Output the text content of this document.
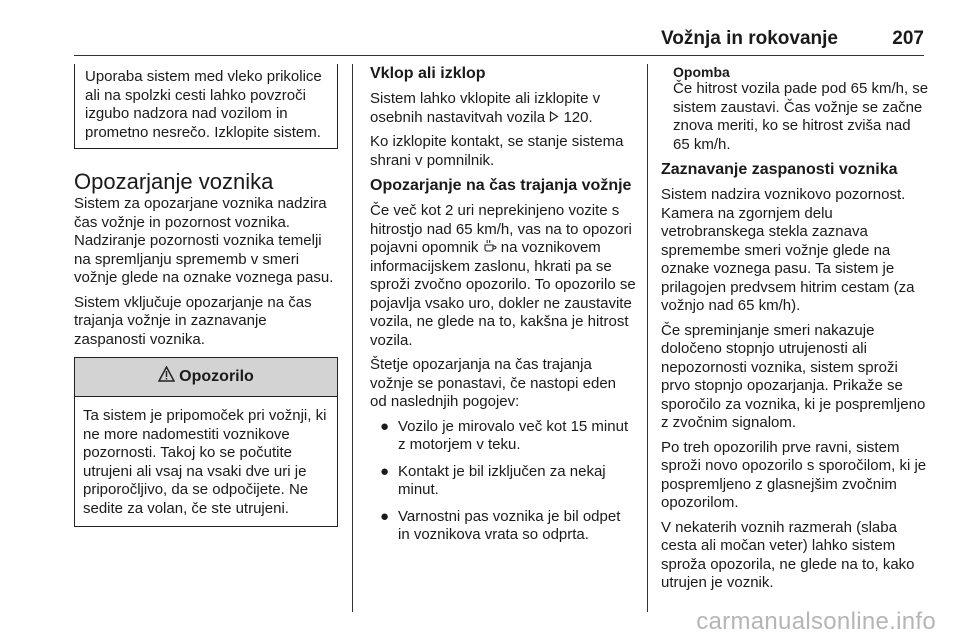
Vožnja in rokovanje	207
Uporaba sistem med vleko prikolice ali na spolzki cesti lahko povzroči izgubo nadzora nad vozilom in prometno nesrečo. Izklopite sistem.
Opozarjanje voznika

Sistem za opozarjane voznika nadzira čas vožnje in pozornost voznika. Nadziranje pozornosti voznika temelji na spremljanju sprememb v smeri vožnje glede na oznake voznega pasu.

Sistem vključuje opozarjanje na čas trajanja vožnje in zaznavanje zaspanosti voznika.

Opozorilo
Ta sistem je pripomoček pri vožnji, ki ne more nadomestiti voznikove pozornosti. Takoj ko se počutite utrujeni ali vsaj na vsaki dve uri je priporočljivo, da se odpočijete. Ne sedite za volan, če ste utrujeni.
Vklop ali izklop

Sistem lahko vklopite ali izklopite v osebnih nastavitvah vozila 120.

Ko izklopite kontakt, se stanje sistema shrani v pomnilnik.

Opozarjanje na čas trajanja vožnje

Če več kot 2 uri neprekinjeno vozite s hitrostjo nad 65 km/h, vas na to opozori pojavni opomnik na voznikovem informacijskem zaslonu, hkrati pa se sproži zvočno opozorilo. To opozorilo se pojavlja vsako uro, dokler ne zaustavite vozila, ne glede na to, kakšna je hitrost vozila.

Štetje opozarjanja na čas trajanja vožnje se ponastavi, če nastopi eden od naslednjih pogojev:

● Vozilo je mirovalo več kot 15 minut z motorjem v teku.
● Kontakt je bil izključen za nekaj minut.
● Varnostni pas voznika je bil odpet in voznikova vrata so odprta.
Opomba

Če hitrost vozila pade pod 65 km/h, se sistem zaustavi. Čas vožnje se začne znova meriti, ko se hitrost zviša nad 65 km/h.

Zaznavanje zaspanosti voznika

Sistem nadzira voznikovo pozornost. Kamera na zgornjem delu vetrobranskega stekla zaznava spremembe smeri vožnje glede na oznake voznega pasu. Ta sistem je prilagojen predvsem hitrim cestam (za vožnjo nad 65 km/h).

Če spreminjanje smeri nakazuje določeno stopnjo utrujenosti ali nepozornosti voznika, sistem sproži prvo stopnjo opozarjanja. Prikaže se sporočilo za voznika, ki je pospremljeno z zvočnim signalom.

Po treh opozorilih prve ravni, sistem sproži novo opozorilo s sporočilom, ki je pospremljeno z glasnejšim zvočnim opozorilom.

V nekaterih voznih razmerah (slaba cesta ali močan veter) lahko sistem sproža opozorila, ne glede na to, kako utrujen je voznik.

carmanualsonline.info
